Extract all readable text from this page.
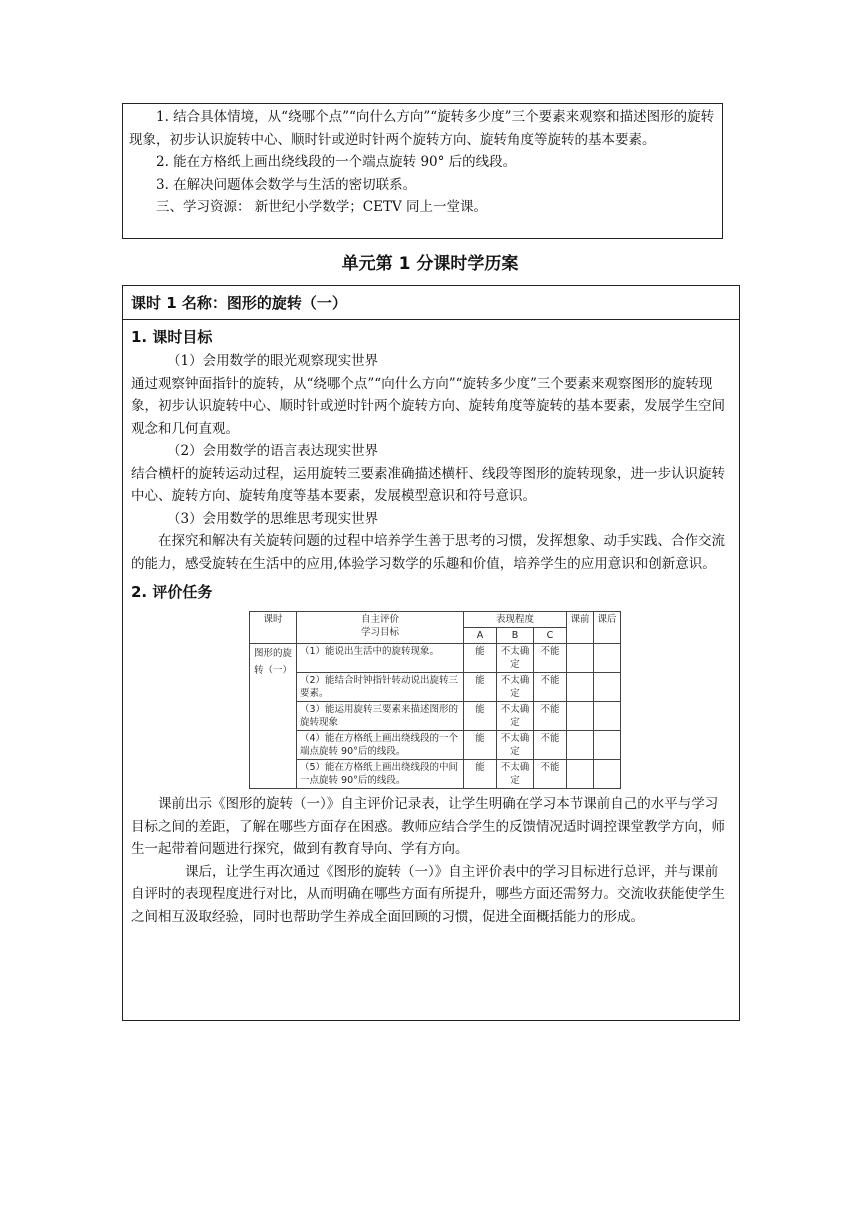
1. 结合具体情境，从“绕哪个点”“向什么方向”“旋转多少度”三个要素来观察和描述图形的旋转现象，初步认识旋转中心、顺时针或逆时针两个旋转方向、旋转角度等旋转的基本要素。

2. 能在方格纸上画出绕线段的一个端点旋转 90° 后的线段。

3. 在解决问题体会数学与生活的密切联系。

三、学习资源： 新世纪小学数学；CETV 同上一堂课。

单元第 1 分课时学历案
课时 1 名称：图形的旋转（一）

1. 课时目标

（1）会用数学的眼光观察现实世界

通过观察钟面指针的旋转，从“绕哪个点”“向什么方向”“旋转多少度”三个要素来观察图形的旋转现象，初步认识旋转中心、顺时针或逆时针两个旋转方向、旋转角度等旋转的基本要素，发展学生空间观念和几何直观。

（2）会用数学的语言表达现实世界

结合横杆的旋转运动过程，运用旋转三要素准确描述横杆、线段等图形的旋转现象，进一步认识旋转中心、旋转方向、旋转角度等基本要素，发展模型意识和符号意识。

（3）会用数学的思维思考现实世界

在探究和解决有关旋转问题的过程中培养学生善于思考的习惯，发挥想象、动手实践、合作交流的能力，感受旋转在生活中的应用,体验学习数学的乐趣和价值，培养学生的应用意识和创新意识。

2. 评价任务

课时	自主评价
学习目标	表现程度			课前	课后
		A	B	C		
图形的旋转（一）	（1）能说出生活中的旋转现象。	能	不太确定	不能		
	（2）能结合时钟指针转动说出旋转三要素。	能	不太确定	不能		
	（3）能运用旋转三要素来描述图形的旋转现象	能	不太确定	不能		
	（4）能在方格纸上画出绕线段的一个端点旋转 90°后的线段。	能	不太确定	不能		
	（5）能在方格纸上画出绕线段的中间一点旋转 90°后的线段。	能	不太确定	不能		

课前出示《图形的旋转（一）》自主评价记录表，让学生明确在学习本节课前自己的水平与学习目标之间的差距，了解在哪些方面存在困惑。教师应结合学生的反馈情况适时调控课堂教学方向，师生一起带着问题进行探究，做到有教育导向、学有方向。

课后，让学生再次通过《图形的旋转（一）》自主评价表中的学习目标进行总评，并与课前自评时的表现程度进行对比，从而明确在哪些方面有所提升，哪些方面还需努力。交流收获能使学生之间相互汲取经验，同时也帮助学生养成全面回顾的习惯，促进全面概括能力的形成。
